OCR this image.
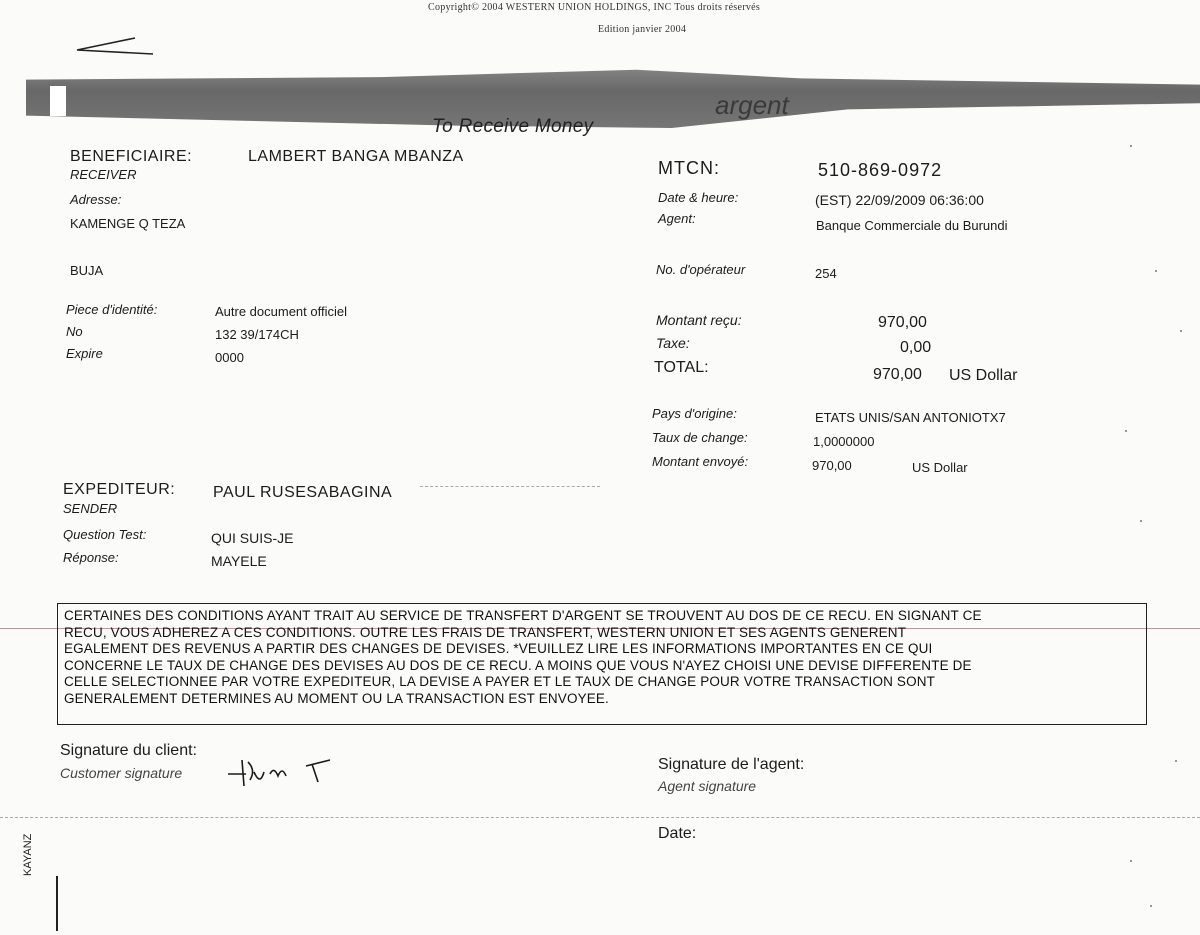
Copyright© 2004 WESTERN UNION HOLDINGS, INC Tous droits réservés
Edition janvier 2004
argent
To Receive Money
BENEFICIAIRE:	LAMBERT BANGA MBANZA
RECEIVER
Adresse:
KAMENGE Q TEZA
BUJA
Piece d'identité:	Autre document officiel
No	132 39/174CH
Expire	0000
MTCN:	510-869-0972
Date & heure:	(EST) 22/09/2009 06:36:00
Agent:	Banque Commerciale du Burundi
No. d'opérateur	254
Montant reçu:	970,00
Taxe:	0,00
TOTAL:	970,00 US Dollar
Pays d'origine:	ETATS UNIS/SAN ANTONIOTX7
Taux de change:	1,0000000
Montant envoyé:	970,00	US Dollar
EXPEDITEUR: PAUL RUSESABAGINA
SENDER
Question Test:	QUI SUIS-JE
Réponse:	MAYELE
CERTAINES DES CONDITIONS AYANT TRAIT AU SERVICE DE TRANSFERT D'ARGENT SE TROUVENT AU DOS DE CE RECU. EN SIGNANT CE
RECU, VOUS ADHEREZ A CES CONDITIONS. OUTRE LES FRAIS DE TRANSFERT, WESTERN UNION ET SES AGENTS GENERENT
EGALEMENT DES REVENUS A PARTIR DES CHANGES DE DEVISES. *VEUILLEZ LIRE LES INFORMATIONS IMPORTANTES EN CE QUI
CONCERNE LE TAUX DE CHANGE DES DEVISES AU DOS DE CE RECU. A MOINS QUE VOUS N'AYEZ CHOISI UNE DEVISE DIFFERENTE DE
CELLE SELECTIONNEE PAR VOTRE EXPEDITEUR, LA DEVISE A PAYER ET LE TAUX DE CHANGE POUR VOTRE TRANSACTION SONT
GENERALEMENT DETERMINES AU MOMENT OU LA TRANSACTION EST ENVOYEE.
Signature du client:
Customer signature	Signature de l'agent:
Agent signature
Date:
KAYANZ
